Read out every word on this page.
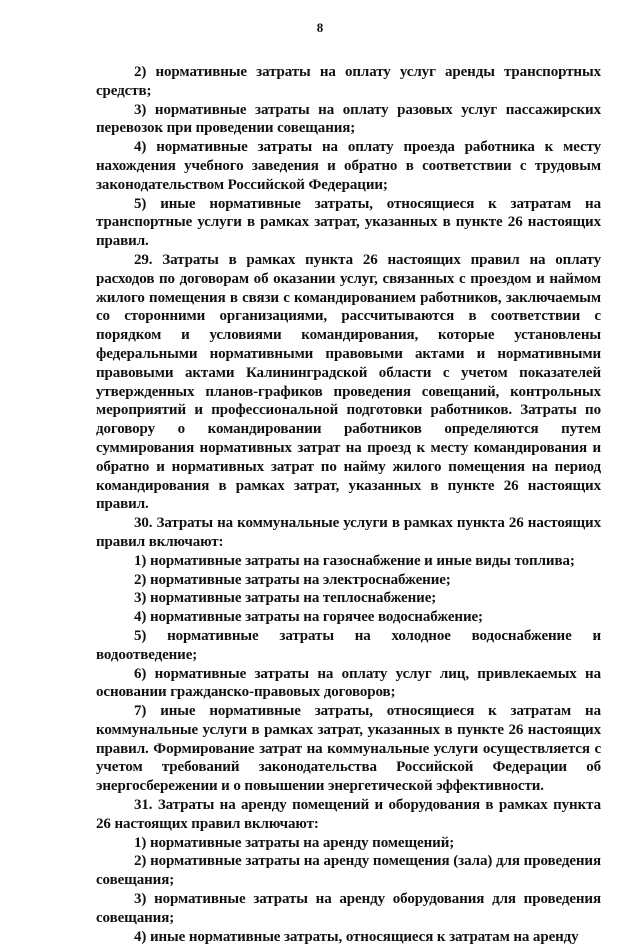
8

2) нормативные затраты на оплату услуг аренды транспортных средств;

3) нормативные затраты на оплату разовых услуг пассажирских перевозок при проведении совещания;

4) нормативные затраты на оплату проезда работника к месту нахождения учебного заведения и обратно в соответствии с трудовым законодательством Российской Федерации;

5) иные нормативные затраты, относящиеся к затратам на транспортные услуги в рамках затрат, указанных в пункте 26 настоящих правил.

29. Затраты в рамках пункта 26 настоящих правил на оплату расходов по договорам об оказании услуг, связанных с проездом и наймом жилого помещения в связи с командированием работников, заключаемым со сторонними организациями, рассчитываются в соответствии с порядком и условиями командирования, которые установлены федеральными нормативными правовыми актами и нормативными правовыми актами Калининградской области с учетом показателей утвержденных планов-графиков проведения совещаний, контрольных мероприятий и профессиональной подготовки работников. Затраты по договору о командировании работников определяются путем суммирования нормативных затрат на проезд к месту командирования и обратно и нормативных затрат по найму жилого помещения на период командирования в рамках затрат, указанных в пункте 26 настоящих правил.

30. Затраты на коммунальные услуги в рамках пункта 26 настоящих правил включают:

1) нормативные затраты на газоснабжение и иные виды топлива;

2) нормативные затраты на электроснабжение;

3) нормативные затраты на теплоснабжение;

4) нормативные затраты на горячее водоснабжение;

5) нормативные затраты на холодное водоснабжение и водоотведение;

6) нормативные затраты на оплату услуг лиц, привлекаемых на основании гражданско-правовых договоров;

7) иные нормативные затраты, относящиеся к затратам на коммунальные услуги в рамках затрат, указанных в пункте 26 настоящих правил. Формирование затрат на коммунальные услуги осуществляется с учетом требований законодательства Российской Федерации об энергосбережении и о повышении энергетической эффективности.

31. Затраты на аренду помещений и оборудования в рамках пункта 26 настоящих правил включают:

1) нормативные затраты на аренду помещений;

2) нормативные затраты на аренду помещения (зала) для проведения совещания;

3) нормативные затраты на аренду оборудования для проведения совещания;

4) иные нормативные затраты, относящиеся к затратам на аренду
